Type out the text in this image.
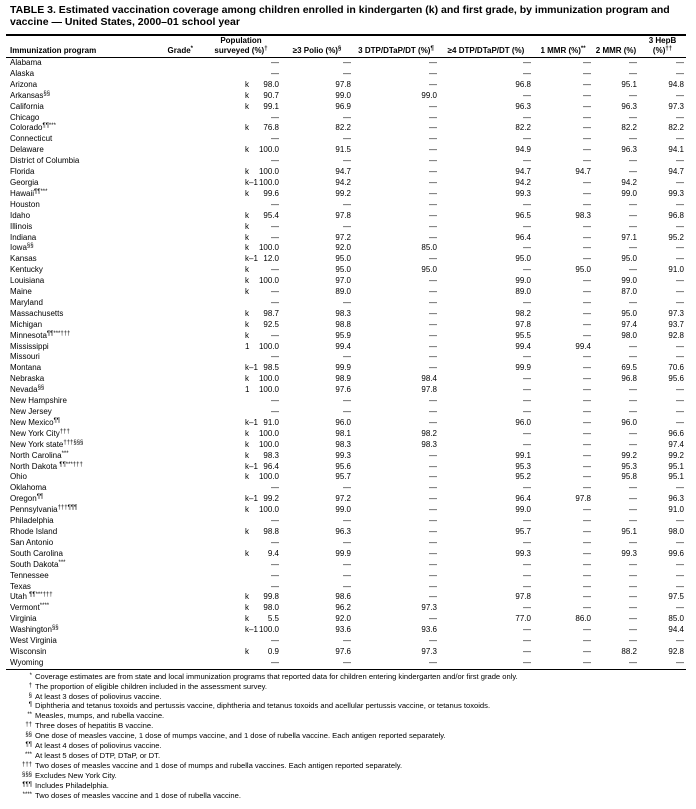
TABLE 3. Estimated vaccination coverage among children enrolled in kindergarten (k) and first grade, by immunization program and vaccine — United States, 2000–01 school year
Immunization program	Grade*	Population surveyed (%)†	≥3 Polio (%)§	3 DTP/DTaP/DT (%)¶	≥4 DTP/DTaP/DT (%)	1 MMR (%)**	2 MMR (%)	3 HepB (%)††
Alabama		—	—	—	—	—	—	—
Alaska		—	—	—	—	—	—	—
Arizona	k	98.0	97.8	—	96.8	—	95.1	94.8
Arkansas§§	k	90.7	99.0	99.0	—	—	—	—
California	k	99.1	96.9	—	96.3	—	96.3	97.3
Chicago		—	—	—	—	—	—	—
Colorado¶¶***	k	76.8	82.2	—	82.2	—	82.2	82.2
Connecticut		—	—	—	—	—	—	—
Delaware	k	100.0	91.5	—	94.9	—	96.3	94.1
District of Columbia		—	—	—	—	—	—	—
Florida	k	100.0	94.7	—	94.7	94.7	—	94.7
Georgia	k–1	100.0	94.2	—	94.2	—	94.2	—
Hawaii¶¶***	k	99.6	99.2	—	99.3	—	99.0	99.3
Houston		—	—	—	—	—	—	—
Idaho	k	95.4	97.8	—	96.5	98.3	—	96.8
Illinois	k	—	—	—	—	—	—	—
Indiana	k	—	97.2	—	96.4	—	97.1	95.2
Iowa§§	k	100.0	92.0	85.0	—	—	—	—
Kansas	k–1	12.0	95.0	—	95.0	—	95.0	—
Kentucky	k	—	95.0	95.0	—	95.0	—	91.0
Louisiana	k	100.0	97.0	—	99.0	—	99.0	—
Maine	k	—	89.0	—	89.0	—	87.0	—
Maryland		—	—	—	—	—	—	—
Massachusetts	k	98.7	98.3	—	98.2	—	95.0	97.3
Michigan	k	92.5	98.8	—	97.8	—	97.4	93.7
Minnesota¶¶***†††	k	—	95.9	—	95.5	—	98.0	92.8
Mississippi	1	100.0	99.4	—	99.4	99.4	—	—
Missouri		—	—	—	—	—	—	—
Montana	k–1	98.5	99.9	—	99.9	—	69.5	70.6
Nebraska	k	100.0	98.9	98.4	—	—	96.8	95.6
Nevada§§	1	100.0	97.6	97.8	—	—	—	—
New Hampshire		—	—	—	—	—	—	—
New Jersey		—	—	—	—	—	—	—
New Mexico¶¶	k–1	91.0	96.0	—	96.0	—	96.0	—
New York City†††	k	100.0	98.1	98.2	—	—	—	96.6
New York state†††§§§	k	100.0	98.3	98.3	—	—	—	97.4
North Carolina***	k	98.3	99.3	—	99.1	—	99.2	99.2
North Dakota ¶¶***†††	k–1	96.4	95.6	—	95.3	—	95.3	95.1
Ohio	k	100.0	95.7	—	95.2	—	95.8	95.1
Oklahoma		—	—	—	—	—	—	—
Oregon¶¶	k–1	99.2	97.2	—	96.4	97.8	—	96.3
Pennsylvania†††¶¶¶	k	100.0	99.0	—	99.0	—	—	91.0
Philadelphia		—	—	—	—	—	—	—
Rhode Island	k	98.8	96.3	—	95.7	—	95.1	98.0
San Antonio		—	—	—	—	—	—	—
South Carolina	k	9.4	99.9	—	99.3	—	99.3	99.6
South Dakota***		—	—	—	—	—	—	—
Tennessee		—	—	—	—	—	—	—
Texas		—	—	—	—	—	—	—
Utah ¶¶***†††	k	99.8	98.6	—	97.8	—	—	97.5
Vermont****	k	98.0	96.2	97.3	—	—	—	—
Virginia	k	5.5	92.0	—	77.0	86.0	—	85.0
Washington§§	k–1	100.0	93.6	93.6	—	—	—	94.4
West Virginia		—	—	—	—	—	—	—
Wisconsin	k	0.9	97.6	97.3	—	—	88.2	92.8
Wyoming		—	—	—	—	—	—	—
* Coverage estimates are from state and local immunization programs that reported data for children entering kindergarten and/or first grade only.
† The proportion of eligible children included in the assessment survey.
§ At least 3 doses of poliovirus vaccine.
¶ Diphtheria and tetanus toxoids and pertussis vaccine, diphtheria and tetanus toxoids and acellular pertussis vaccine, or tetanus toxoids.
** Measles, mumps, and rubella vaccine.
†† Three doses of hepatitis B vaccine.
§§ One dose of measles vaccine, 1 dose of mumps vaccine, and 1 dose of rubella vaccine. Each antigen reported separately.
¶¶ At least 4 doses of poliovirus vaccine.
*** At least 5 doses of DTP, DTaP, or DT.
††† Two doses of measles vaccine and 1 dose of mumps and rubella vaccines. Each antigen reported separately.
§§§ Excludes New York City.
¶¶¶ Includes Philadelphia.
**** Two doses of measles vaccine and 1 dose of rubella vaccine.
